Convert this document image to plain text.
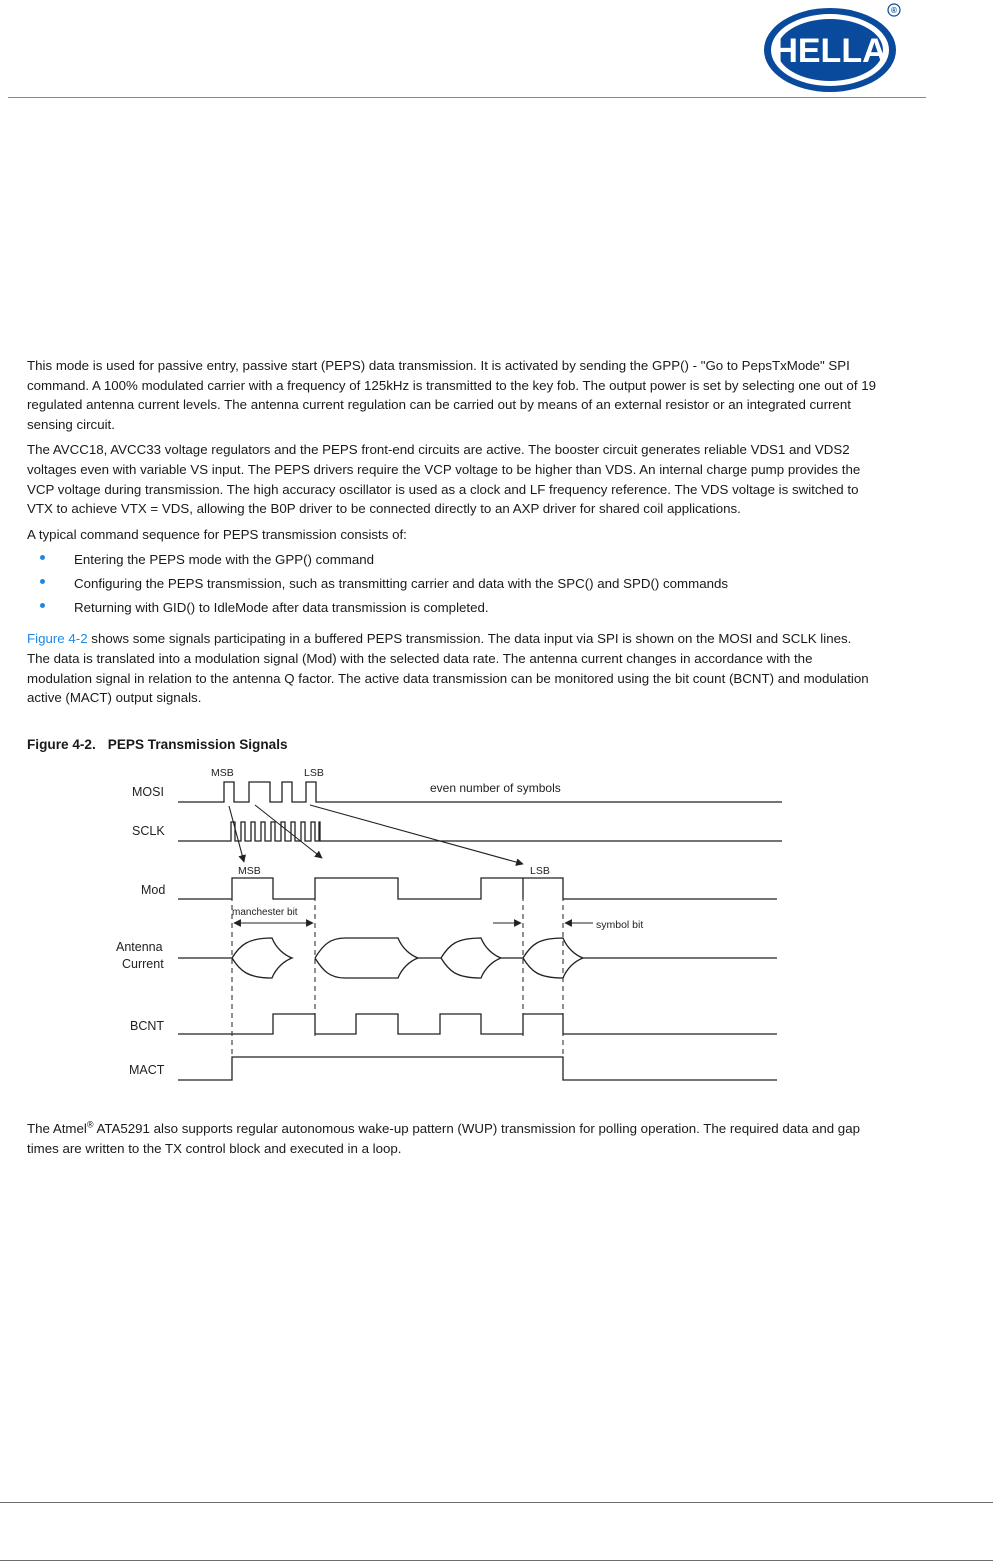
HELLA
®

This mode is used for passive entry, passive start (PEPS) data transmission. It is activated by sending the GPP() - "Go to PepsTxMode" SPI command. A 100% modulated carrier with a frequency of 125kHz is transmitted to the key fob. The output power is set by selecting one out of 19 regulated antenna current levels. The antenna current regulation can be carried out by means of an external resistor or an integrated current sensing circuit.

The AVCC18, AVCC33 voltage regulators and the PEPS front-end circuits are active. The booster circuit generates reliable VDS1 and VDS2 voltages even with variable VS input. The PEPS drivers require the VCP voltage to be higher than VDS. An internal charge pump provides the VCP voltage during transmission. The high accuracy oscillator is used as a clock and LF frequency reference. The VDS voltage is switched to VTX to achieve VTX = VDS, allowing the B0P driver to be connected directly to an AXP driver for shared coil applications.

A typical command sequence for PEPS transmission consists of:

Entering the PEPS mode with the GPP() command
Configuring the PEPS transmission, such as transmitting carrier and data with the SPC() and SPD() commands
Returning with GID() to IdleMode after data transmission is completed.

Figure 4-2 shows some signals participating in a buffered PEPS transmission. The data input via SPI is shown on the MOSI and SCLK lines. The data is translated into a modulation signal (Mod) with the selected data rate. The antenna current changes in accordance with the modulation signal in relation to the antenna Q factor. The active data transmission can be monitored using the bit count (BCNT) and modulation active (MACT) output signals.

Figure 4-2. PEPS Transmission Signals
MOSI
SCLK
Mod
Antenna
Current
BCNT
MACT
MSB	LSB
even number of symbols
MSB	LSB
manchester bit
symbol bit

The Atmel® ATA5291 also supports regular autonomous wake-up pattern (WUP) transmission for polling operation. The required data and gap times are written to the TX control block and executed in a loop.
